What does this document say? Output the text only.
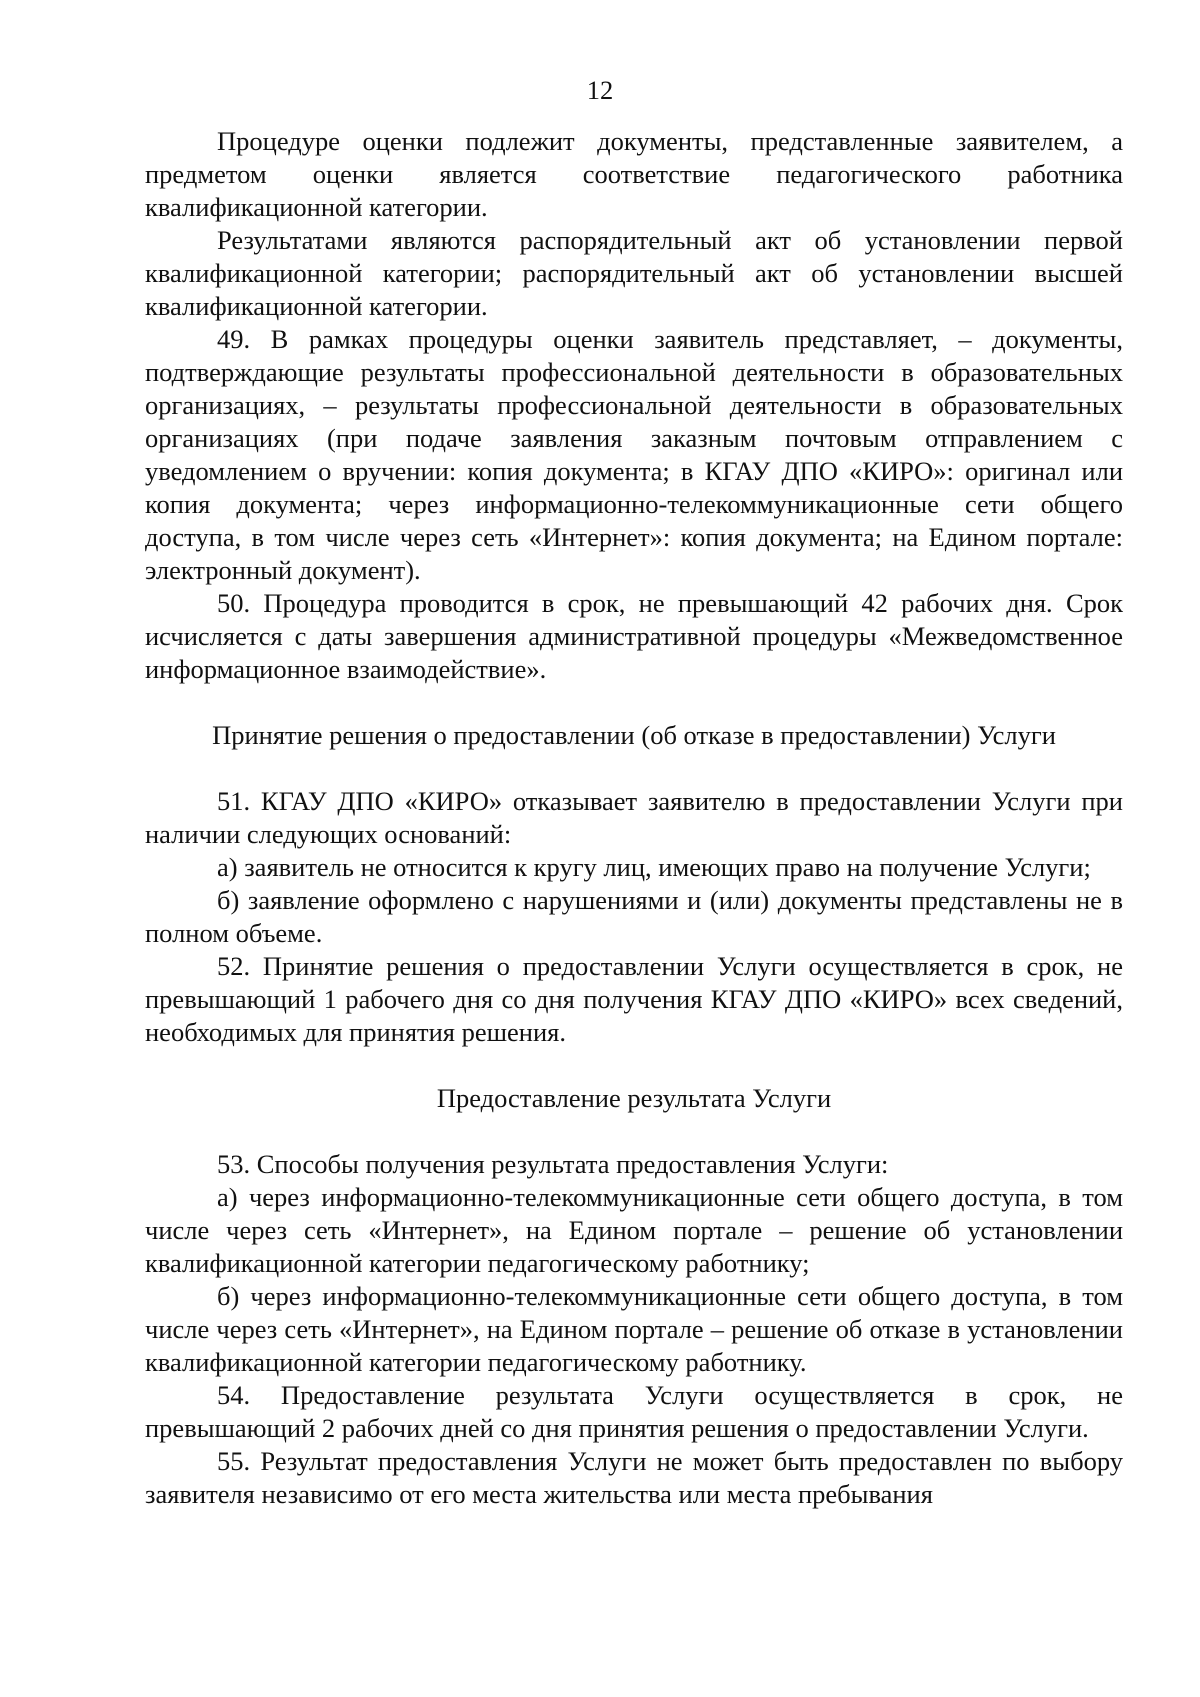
12

Процедуре оценки подлежит документы, представленные заявителем, а предметом оценки является соответствие педагогического работника квалификационной категории.

Результатами являются распорядительный акт об установлении первой квалификационной категории; распорядительный акт об установлении высшей квалификационной категории.

49. В рамках процедуры оценки заявитель представляет, – документы, подтверждающие результаты профессиональной деятельности в образовательных организациях, – результаты профессиональной деятельности в образовательных организациях (при подаче заявления заказным почтовым отправлением с уведомлением о вручении: копия документа; в КГАУ ДПО «КИРО»: оригинал или копия документа; через информационно-телекоммуникационные сети общего доступа, в том числе через сеть «Интернет»: копия документа; на Едином портале: электронный документ).

50. Процедура проводится в срок, не превышающий 42 рабочих дня. Срок исчисляется с даты завершения административной процедуры «Межведомственное информационное взаимодействие».

Принятие решения о предоставлении (об отказе в предоставлении) Услуги

51. КГАУ ДПО «КИРО» отказывает заявителю в предоставлении Услуги при наличии следующих оснований:

а) заявитель не относится к кругу лиц, имеющих право на получение Услуги;

б) заявление оформлено с нарушениями и (или) документы представлены не в полном объеме.

52. Принятие решения о предоставлении Услуги осуществляется в срок, не превышающий 1 рабочего дня со дня получения КГАУ ДПО «КИРО» всех сведений, необходимых для принятия решения.

Предоставление результата Услуги

53. Способы получения результата предоставления Услуги:

а) через информационно-телекоммуникационные сети общего доступа, в том числе через сеть «Интернет», на Едином портале – решение об установлении квалификационной категории педагогическому работнику;

б) через информационно-телекоммуникационные сети общего доступа, в том числе через сеть «Интернет», на Едином портале – решение об отказе в установлении квалификационной категории педагогическому работнику.

54. Предоставление результата Услуги осуществляется в срок, не превышающий 2 рабочих дней со дня принятия решения о предоставлении Услуги.

55. Результат предоставления Услуги не может быть предоставлен по выбору заявителя независимо от его места жительства или места пребывания
